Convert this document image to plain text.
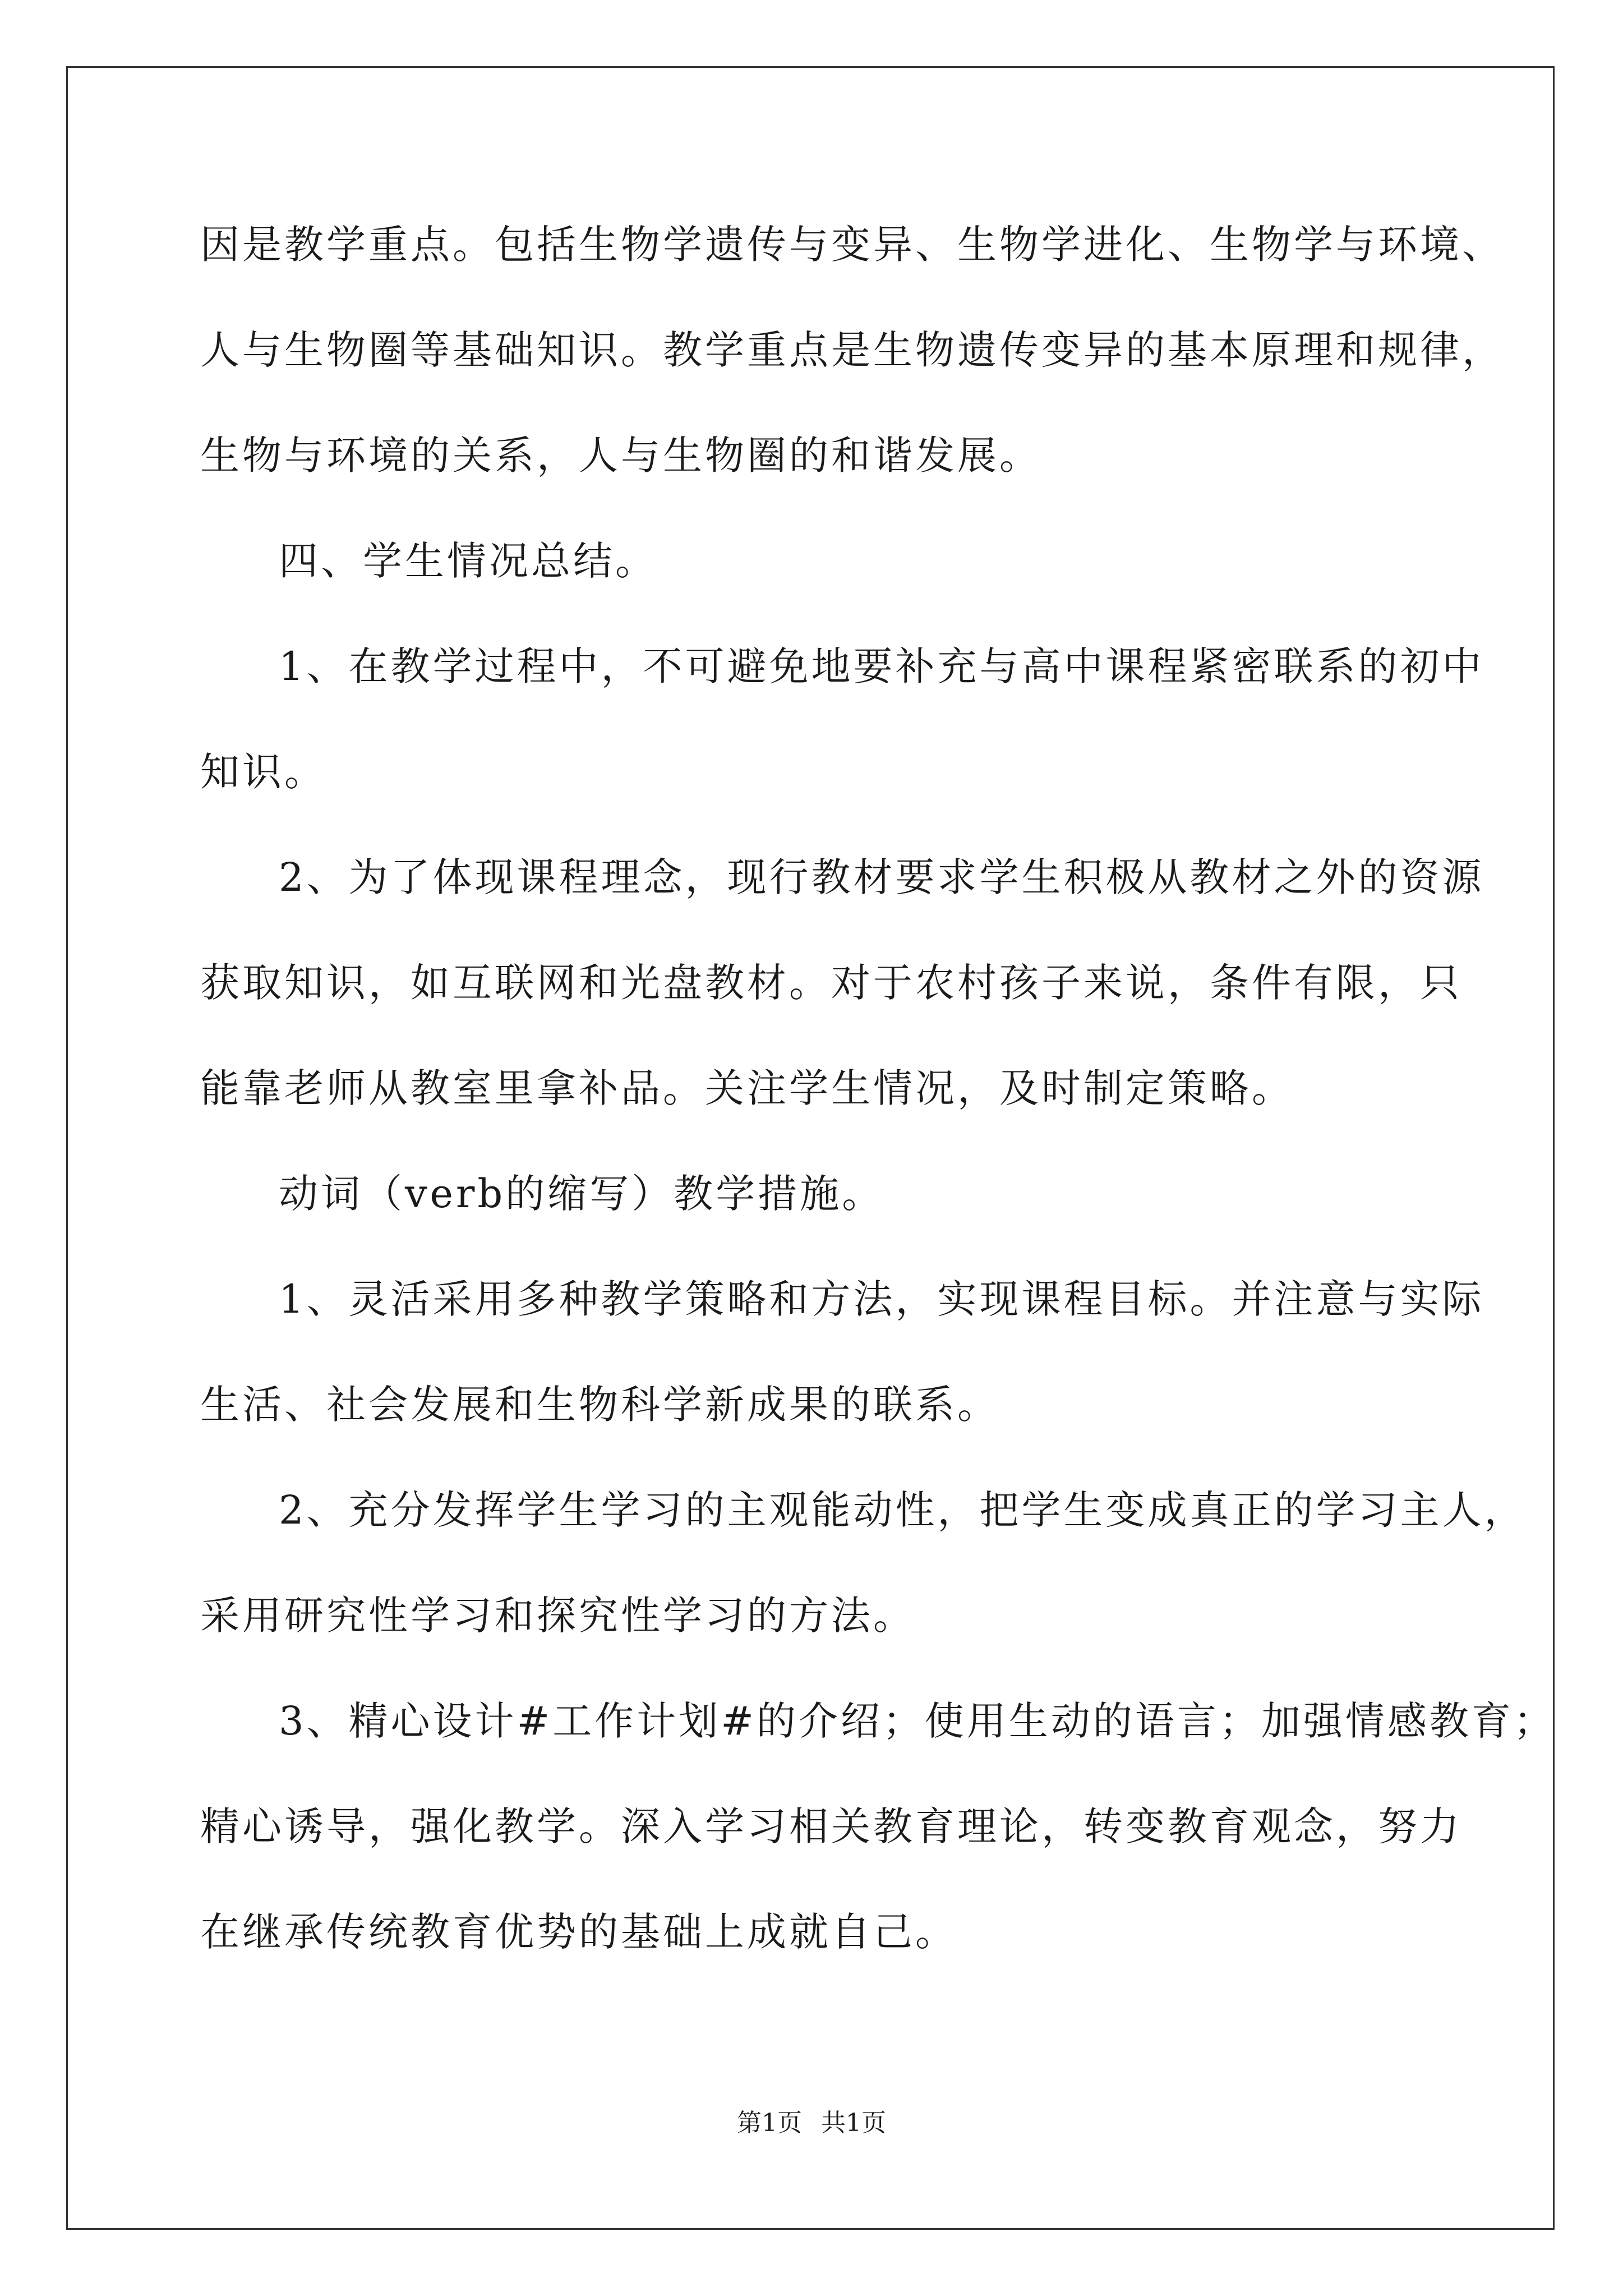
因是教学重点。包括生物学遗传与变异、生物学进化、生物学与环境、
人与生物圈等基础知识。教学重点是生物遗传变异的基本原理和规律，
生物与环境的关系，人与生物圈的和谐发展。
四、学生情况总结。
1、在教学过程中，不可避免地要补充与高中课程紧密联系的初中
知识。
2、为了体现课程理念，现行教材要求学生积极从教材之外的资源
获取知识，如互联网和光盘教材。对于农村孩子来说，条件有限，只
能靠老师从教室里拿补品。关注学生情况，及时制定策略。
动词（verb的缩写）教学措施。
1、灵活采用多种教学策略和方法，实现课程目标。并注意与实际
生活、社会发展和生物科学新成果的联系。
2、充分发挥学生学习的主观能动性，把学生变成真正的学习主人，
采用研究性学习和探究性学习的方法。
3、精心设计#工作计划#的介绍；使用生动的语言；加强情感教育；
精心诱导，强化教学。深入学习相关教育理论，转变教育观念，努力
在继承传统教育优势的基础上成就自己。
第1页 共1页
